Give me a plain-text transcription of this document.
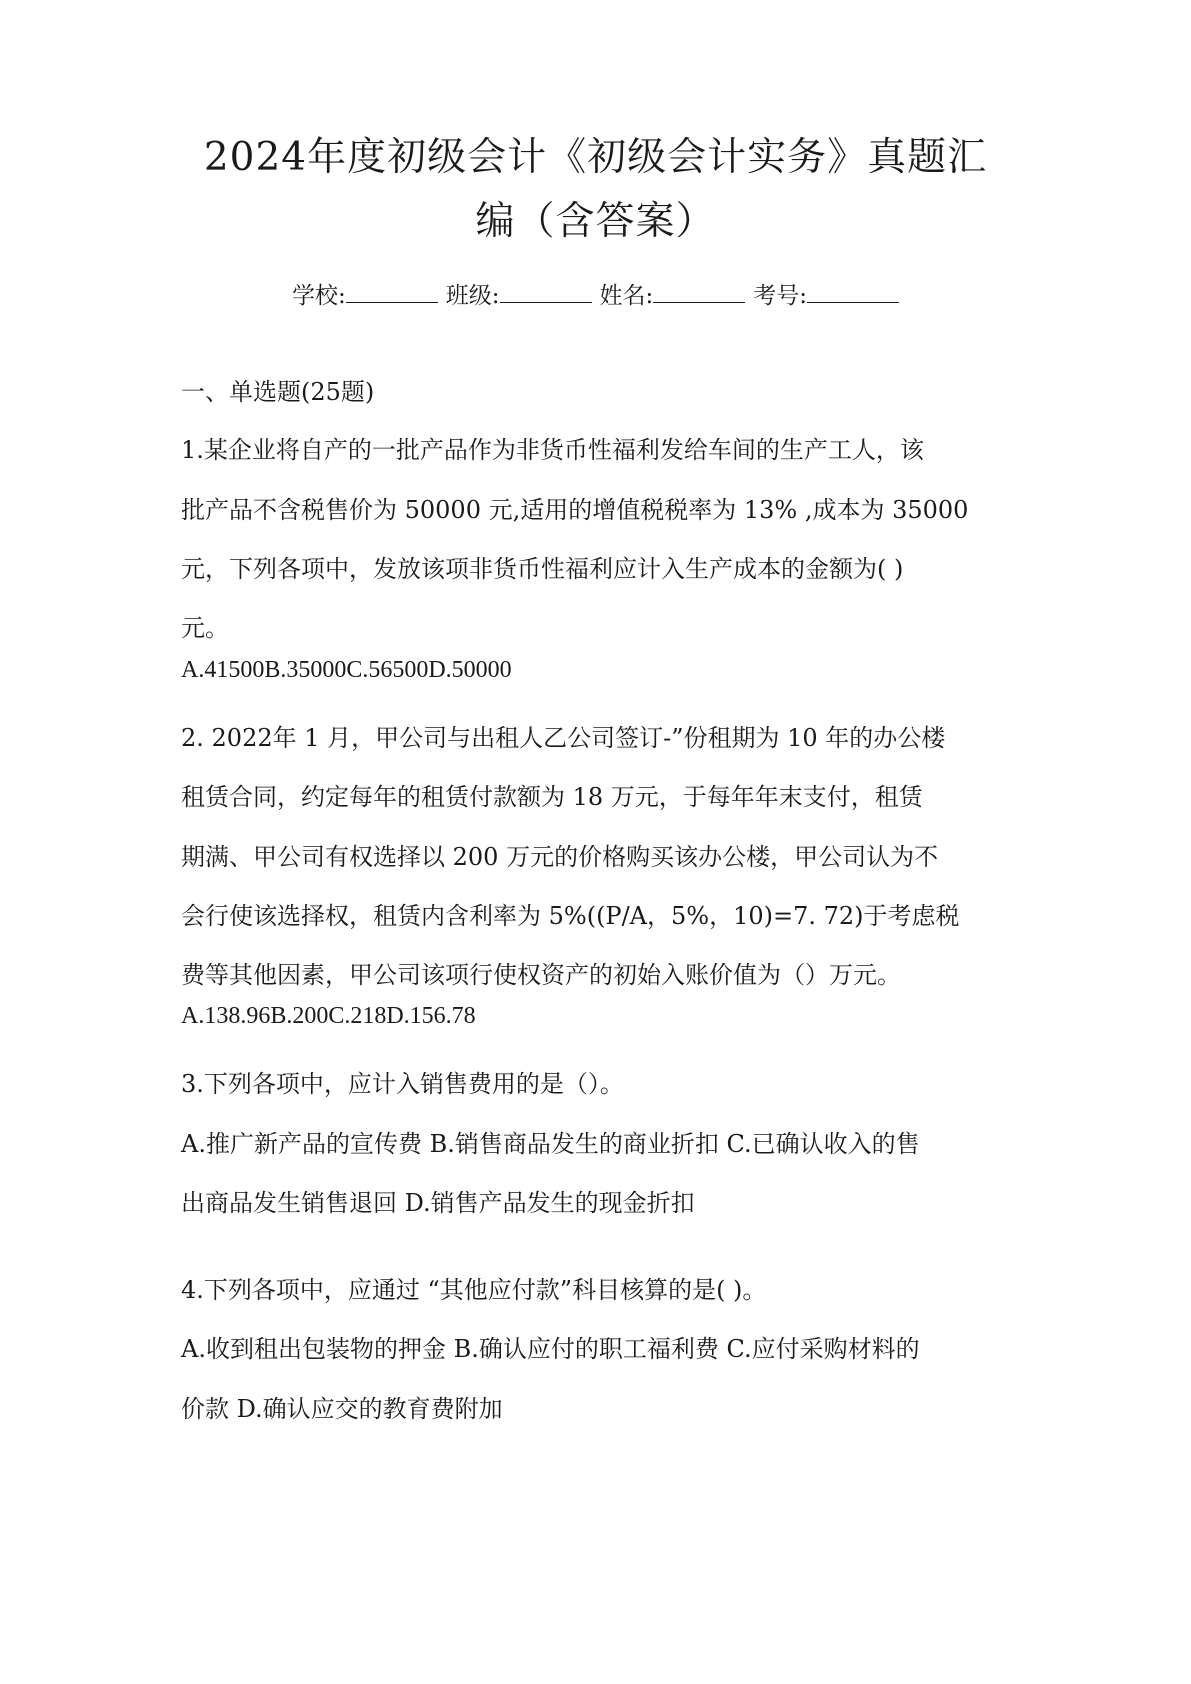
2024年度初级会计《初级会计实务》真题汇
编（含答案）
学校:	班级:	姓名:	考号:

一、单选题(25题)

1.某企业将自产的一批产品作为非货币性福利发给车间的生产工人，该

批产品不含税售价为 50000 元,适用的增值税税率为 13% ,成本为 35000

元，下列各项中，发放该项非货币性福利应计入生产成本的金额为( )

元。

A.41500B.35000C.56500D.50000

2. 2022年 1 月，甲公司与出租人乙公司签订-”份租期为 10 年的办公楼

租赁合同，约定每年的租赁付款额为 18 万元，于每年年末支付，租赁

期满、甲公司有权选择以 200 万元的价格购买该办公楼，甲公司认为不

会行使该选择权，租赁内含利率为 5%((P/A，5%，10)=7. 72)于考虑税

费等其他因素，甲公司该项行使权资产的初始入账价值为（）万元。

A.138.96B.200C.218D.156.78

3.下列各项中，应计入销售费用的是（）。

A.推广新产品的宣传费 B.销售商品发生的商业折扣 C.已确认收入的售

出商品发生销售退回 D.销售产品发生的现金折扣

4.下列各项中，应通过 “其他应付款”科目核算的是( )。

A.收到租出包装物的押金 B.确认应付的职工福利费 C.应付采购材料的

价款 D.确认应交的教育费附加
